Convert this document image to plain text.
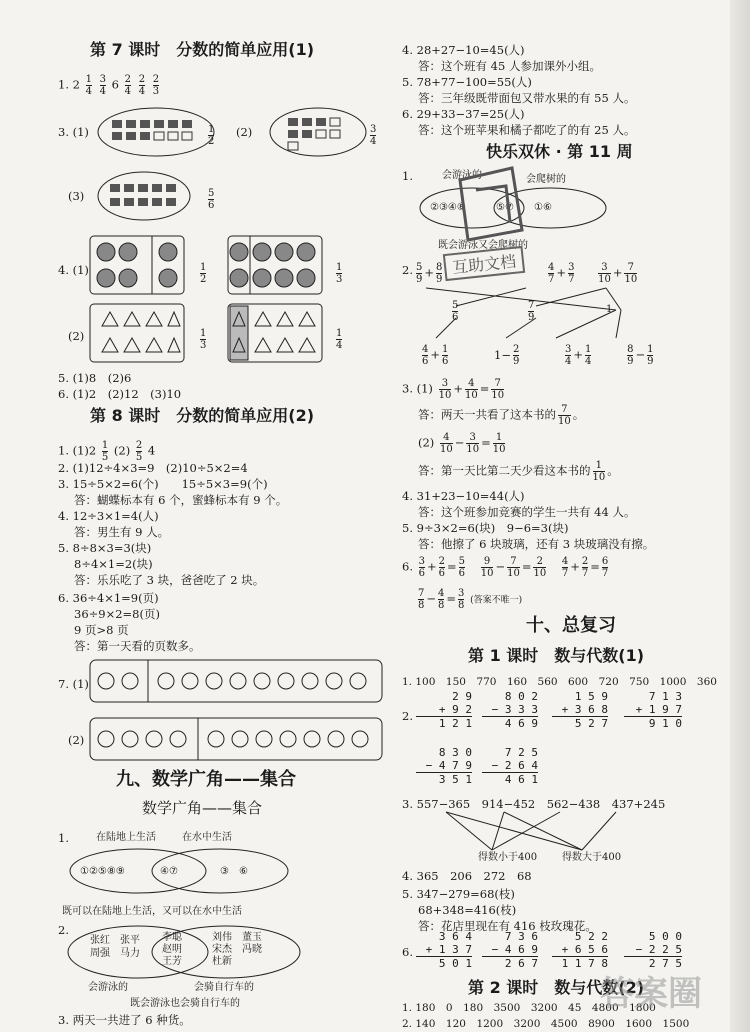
第 7 课时　分数的简单应用(1)
1. $2 \frac{1}{4}$
$\frac{3}{4} 6 \frac{2}{4}$
$\frac{2}{4}$
$\frac{2}{3}$
3. (1)	$\frac{1}{2} (2)$	$\frac{3}{4}$
(3)	$\frac{5}{6}$
4. (1)	$\frac{1}{2}$	$\frac{1}{3}$
(2)	$\frac{1}{3}$	$\frac{1}{4}$
5. (1)8　(2)6
6. (1)2　(2)12　(3)10
第 8 课时　分数的简单应用(2)
1. $(1)2 \frac{1}{5} (2) \frac{2}{5} 4$
2. (1)12÷4×3=9　(2)10÷5×2=4
3. 15÷5×2=6(个)　　15÷5×3=9(个)
答：蝴蝶标本有 6 个，蜜蜂标本有 9 个。
4. 12÷3×1=4(人)
答：男生有 9 人。
5. 8÷8×3=3(块)
8÷4×1=2(块)
答：乐乐吃了 3 块，爸爸吃了 2 块。
6. 36÷4×1=9(页)
36÷9×2=8(页)
9 页>8 页
答：第一天看的页数多。
7. (1)
(2)
九、数学广角——集合
数学广角——集合
1.	在陆地上生活	在水中生活
①②⑤⑧⑨	④⑦	③　⑥
既可以在陆地上生活，又可以在水中生活
2.
张红　张平
周强　马力
李聪
赵明
王芳
刘伟　董玉
宋杰　冯晓
杜新
会游泳的	会骑自行车的
既会游泳也会骑自行车的
3. 两天一共进了 6 种货。
4. 28+27−10=45(人)
答：这个班有 45 人参加课外小组。
5. 78+77−100=55(人)
答：三年级既带面包又带水果的有 55 人。
6. 29+33−37=25(人)
答：这个班苹果和橘子都吃了的有 25 人。
快乐双休 · 第 11 周
1.	会游泳的	会爬树的
②③④⑧	⑤⑦ ①⑥
既会游泳又会爬树的
互助文档
2. $\frac{5}{9} + \frac{8}{9}$
	$\frac{4}{7} + \frac{3}{7}$
$\frac{3}{10} + \frac{7}{10}$
$\frac{5}{6}$	$\frac{7}{9}$	1
$\frac{4}{6} + \frac{1}{6}$	$1- \frac{2}{9}$
	$\frac{3}{4} + \frac{1}{4}$
	$\frac{8}{9} - \frac{1}{9}$
3. $(1) \frac{3}{10} + \frac{4}{10} = \frac{7}{10}$
答：两天一共看了这本书的 $\frac{7}{10}$ 。
$(2) \frac{4}{10} - \frac{3}{10} = \frac{1}{10}$
答：第一天比第二天少看这本书的 $\frac{1}{10}$ 。
4. 31+23−10=44(人)
答：这个班参加竞赛的学生一共有 44 人。
5. 9÷3×2=6(块)　9−6=3(块)
答：他擦了 6 块玻璃，还有 3 块玻璃没有擦。
6. $\frac{3}{6} + \frac{2}{6} = \frac{5}{6}$
$\frac{9}{10} - \frac{7}{10} = \frac{2}{10}$
$\frac{4}{7} + \frac{2}{7} = \frac{6}{7}$
$\frac{7}{8} - \frac{4}{8} = \frac{3}{8}$ (答案不唯一)
十、总复习
第 1 课时　数与代数(1)
1. 100　150　770　160　560　600　720　750　1000　360
2.
2 9
+ 9 2
1 2 1
8 0 2
− 3 3 3
4 6 9
1 5 9
+ 3 6 8
5 2 7
7 1 3
+ 1 9 7
9 1 0
8 3 0
− 4 7 9
3 5 1
7 2 5
− 2 6 4
4 6 1
3. 557−365　914−452　562−438　437+245
得数小于400 得数大于400
4. 365　206　272　68
5. 347−279=68(枝)
68+348=416(枝)
答：花店里现在有 416 枝玫瑰花。
6.
3 6 4
+ 1 3 7
5 0 1
7 3 6
− 4 6 9
2 6 7
5 2 2
+ 6 5 6
1 1 7 8
5 0 0
− 2 2 5
2 7 5
第 2 课时　数与代数(2)
1. 180　0　180　3500　3200　45　4800　1800
2. 140　120　1200　3200　4500　8900　1600　1500
答案圈
